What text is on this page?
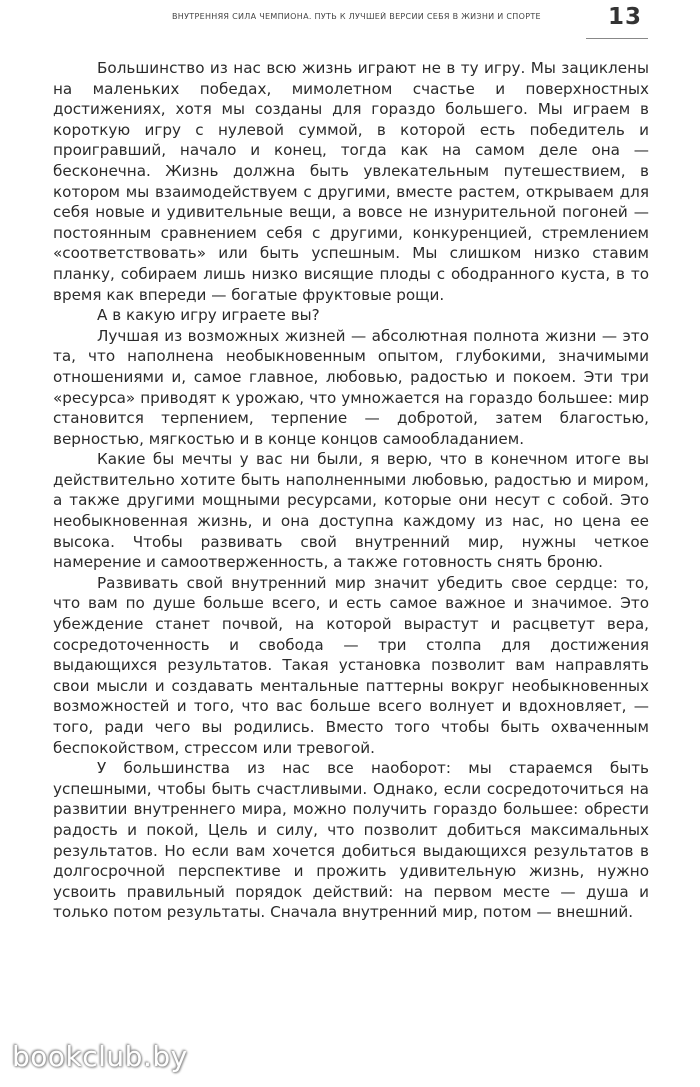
ВНУТРЕННЯЯ СИЛА ЧЕМПИОНА. ПУТЬ К ЛУЧШЕЙ ВЕРСИИ СЕБЯ В ЖИЗНИ И СПОРТЕ	13

Большинство из нас всю жизнь играют не в ту игру. Мы зациклены на маленьких победах, мимолетном счастье и поверхностных достижениях, хотя мы созданы для гораздо большего. Мы играем в короткую игру с нулевой суммой, в которой есть победитель и проигравший, начало и конец, тогда как на самом деле она — бесконечна. Жизнь должна быть увлекательным путешествием, в котором мы взаимодействуем с другими, вместе растем, открываем для себя новые и удивительные вещи, а вовсе не изнурительной погоней — постоянным сравнением себя с другими, конкуренцией, стремлением «соответствовать» или быть успешным. Мы слишком низко ставим планку, собираем лишь низко висящие плоды с ободранного куста, в то время как впереди — богатые фруктовые рощи.

А в какую игру играете вы?

Лучшая из возможных жизней — абсолютная полнота жизни — это та, что наполнена необыкновенным опытом, глубокими, значимыми отношениями и, самое главное, любовью, радостью и покоем. Эти три «ресурса» приводят к урожаю, что умножается на гораздо большее: мир становится терпением, терпение — добротой, затем благостью, верностью, мягкостью и в конце концов самообладанием.

Какие бы мечты у вас ни были, я верю, что в конечном итоге вы действительно хотите быть наполненными любовью, радостью и миром, а также другими мощными ресурсами, которые они несут с собой. Это необыкновенная жизнь, и она доступна каждому из нас, но цена ее высока. Чтобы развивать свой внутренний мир, нужны четкое намерение и самоотверженность, а также готовность снять броню.

Развивать свой внутренний мир значит убедить свое сердце: то, что вам по душе больше всего, и есть самое важное и значимое. Это убеждение станет почвой, на которой вырастут и расцветут вера, сосредоточенность и свобода — три столпа для достижения выдающихся результатов. Такая установка позволит вам направлять свои мысли и создавать ментальные паттерны вокруг необыкновенных возможностей и того, что вас больше всего волнует и вдохновляет, — того, ради чего вы родились. Вместо того чтобы быть охваченным беспокойством, стрессом или тревогой.

У большинства из нас все наоборот: мы стараемся быть успешными, чтобы быть счастливыми. Однако, если сосредоточиться на развитии внутреннего мира, можно получить гораздо большее: обрести радость и покой, Цель и силу, что позволит добиться максимальных результатов. Но если вам хочется добиться выдающихся результатов в долгосрочной перспективе и прожить удивительную жизнь, нужно усвоить правильный порядок действий: на первом месте — душа и только потом результаты. Сначала внутренний мир, потом — внешний.

bookclub.by
